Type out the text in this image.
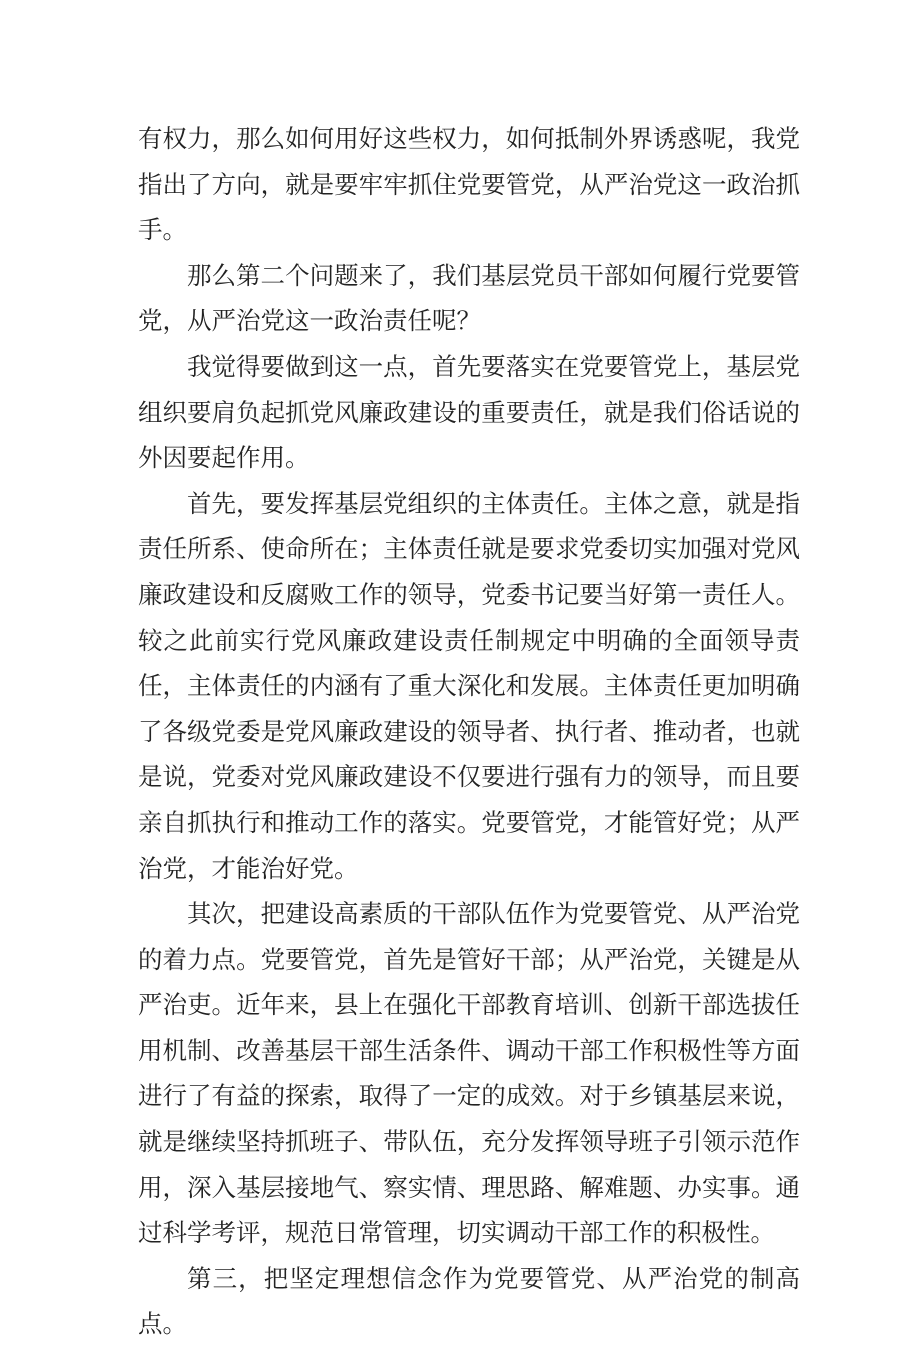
有权力，那么如何用好这些权力，如何抵制外界诱惑呢，我党指出了方向，就是要牢牢抓住党要管党，从严治党这一政治抓手。

那么第二个问题来了，我们基层党员干部如何履行党要管党，从严治党这一政治责任呢？

我觉得要做到这一点，首先要落实在党要管党上，基层党组织要肩负起抓党风廉政建设的重要责任，就是我们俗话说的外因要起作用。

首先，要发挥基层党组织的主体责任。主体之意，就是指责任所系、使命所在；主体责任就是要求党委切实加强对党风廉政建设和反腐败工作的领导，党委书记要当好第一责任人。较之此前实行党风廉政建设责任制规定中明确的全面领导责任，主体责任的内涵有了重大深化和发展。主体责任更加明确了各级党委是党风廉政建设的领导者、执行者、推动者，也就是说，党委对党风廉政建设不仅要进行强有力的领导，而且要亲自抓执行和推动工作的落实。党要管党，才能管好党；从严治党，才能治好党。

其次，把建设高素质的干部队伍作为党要管党、从严治党的着力点。党要管党，首先是管好干部；从严治党，关键是从严治吏。近年来，县上在强化干部教育培训、创新干部选拔任用机制、改善基层干部生活条件、调动干部工作积极性等方面进行了有益的探索，取得了一定的成效。对于乡镇基层来说，就是继续坚持抓班子、带队伍，充分发挥领导班子引领示范作用，深入基层接地气、察实情、理思路、解难题、办实事。通过科学考评，规范日常管理，切实调动干部工作的积极性。

第三，把坚定理想信念作为党要管党、从严治党的制高点。
